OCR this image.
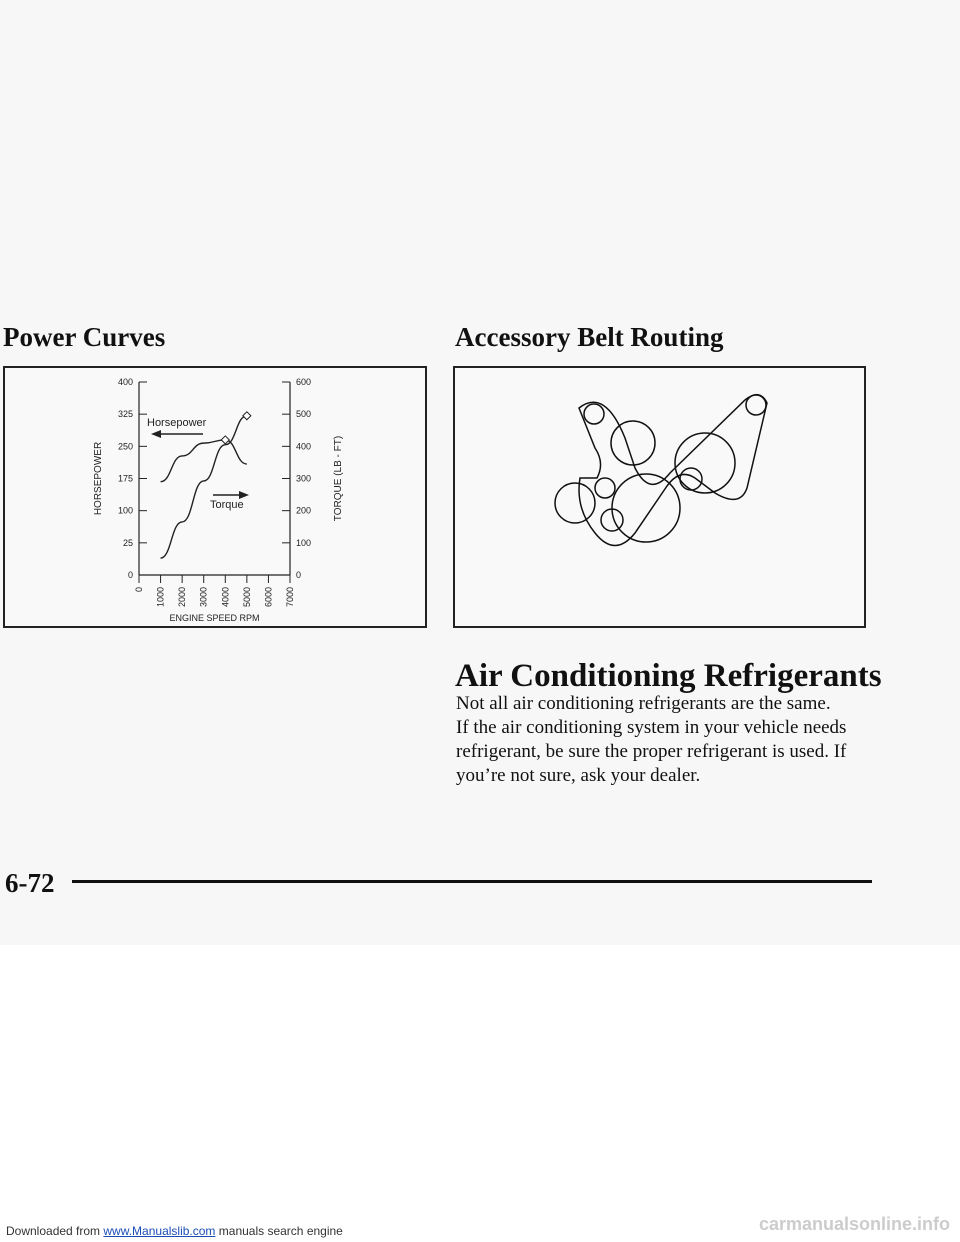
Power Curves
0
25
100
175
250
325
400
0
100
200
300
400
500
600
0 1000 2000 3000 4000 5000 6000 7000
ENGINE SPEED RPM
HORSEPOWER	TORQUE (LB - FT)
Horsepower
Torque
Accessory Belt Routing
Air Conditioning Refrigerants

Not all air conditioning refrigerants are the same.
If the air conditioning system in your vehicle needs
refrigerant, be sure the proper refrigerant is used. If
you’re not sure, ask your dealer.

6-72
Downloaded from www.Manualslib.com manuals search engine	carmanualsonline.info
